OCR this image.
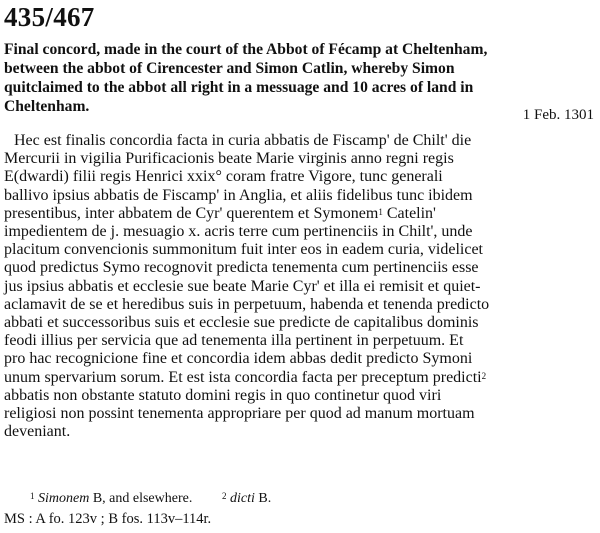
435/467
Final concord, made in the court of the Abbot of Fécamp at Cheltenham,
between the abbot of Cirencester and Simon Catlin, whereby Simon
quitclaimed to the abbot all right in a messuage and 10 acres of land in
Cheltenham.	1 Feb. 1301
Hec est finalis concordia facta in curia abbatis de Fiscamp' de Chilt' die
Mercurii in vigilia Purificacionis beate Marie virginis anno regni regis
E(dwardi) filii regis Henrici xxix° coram fratre Vigore, tunc generali
ballivo ipsius abbatis de Fiscamp' in Anglia, et aliis fidelibus tunc ibidem
presentibus, inter abbatem de Cyr' querentem et Symonem$^1$ Catelin'
impedientem de j. mesuagio x. acris terre cum pertinenciis in Chilt', unde
placitum convencionis summonitum fuit inter eos in eadem curia, videlicet
quod predictus Symo recognovit predicta tenementa cum pertinenciis esse
jus ipsius abbatis et ecclesie sue beate Marie Cyr' et illa ei remisit et quiet-
aclamavit de se et heredibus suis in perpetuum, habenda et tenenda predicto
abbati et successoribus suis et ecclesie sue predicte de capitalibus dominis
feodi illius per servicia que ad tenementa illa pertinent in perpetuum. Et
pro hac recognicione fine et concordia idem abbas dedit predicto Symoni
unum spervarium sorum. Et est ista concordia facta per preceptum predicti$^2$
abbatis non obstante statuto domini regis in quo continetur quod viri
religiosi non possint tenementa appropriare per quod ad manum mortuam
deveniant.
$^1$ Simonem B, and elsewhere.	$^2$ dicti B.
MS : A fo. 123v ; B fos. 113v–114r.
